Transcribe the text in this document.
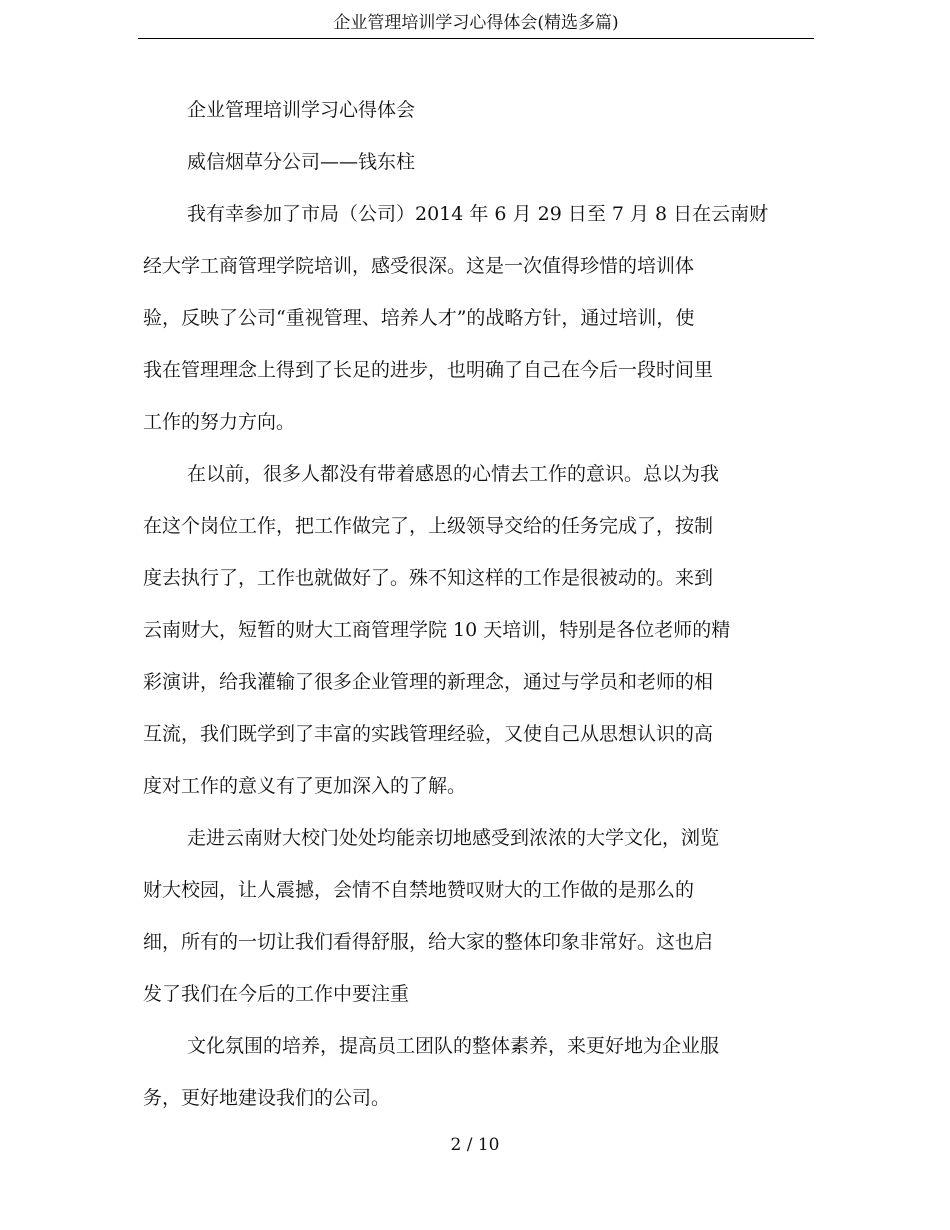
企业管理培训学习心得体会(精选多篇)
企业管理培训学习心得体会
威信烟草分公司——钱东柱
我有幸参加了市局（公司）2014 年 6 月 29 日至 7 月 8 日在云南财
经大学工商管理学院培训，感受很深。这是一次值得珍惜的培训体
验，反映了公司“重视管理、培养人才”的战略方针，通过培训，使
我在管理理念上得到了长足的进步，也明确了自己在今后一段时间里
工作的努力方向。
在以前，很多人都没有带着感恩的心情去工作的意识。总以为我
在这个岗位工作，把工作做完了，上级领导交给的任务完成了，按制
度去执行了，工作也就做好了。殊不知这样的工作是很被动的。来到
云南财大，短暂的财大工商管理学院 10 天培训，特别是各位老师的精
彩演讲，给我灌输了很多企业管理的新理念，通过与学员和老师的相
互流，我们既学到了丰富的实践管理经验，又使自己从思想认识的高
度对工作的意义有了更加深入的了解。
走进云南财大校门处处均能亲切地感受到浓浓的大学文化，浏览
财大校园，让人震撼，会情不自禁地赞叹财大的工作做的是那么的
细，所有的一切让我们看得舒服，给大家的整体印象非常好。这也启
发了我们在今后的工作中要注重
文化氛围的培养，提高员工团队的整体素养，来更好地为企业服
务，更好地建设我们的公司。
2 / 10
